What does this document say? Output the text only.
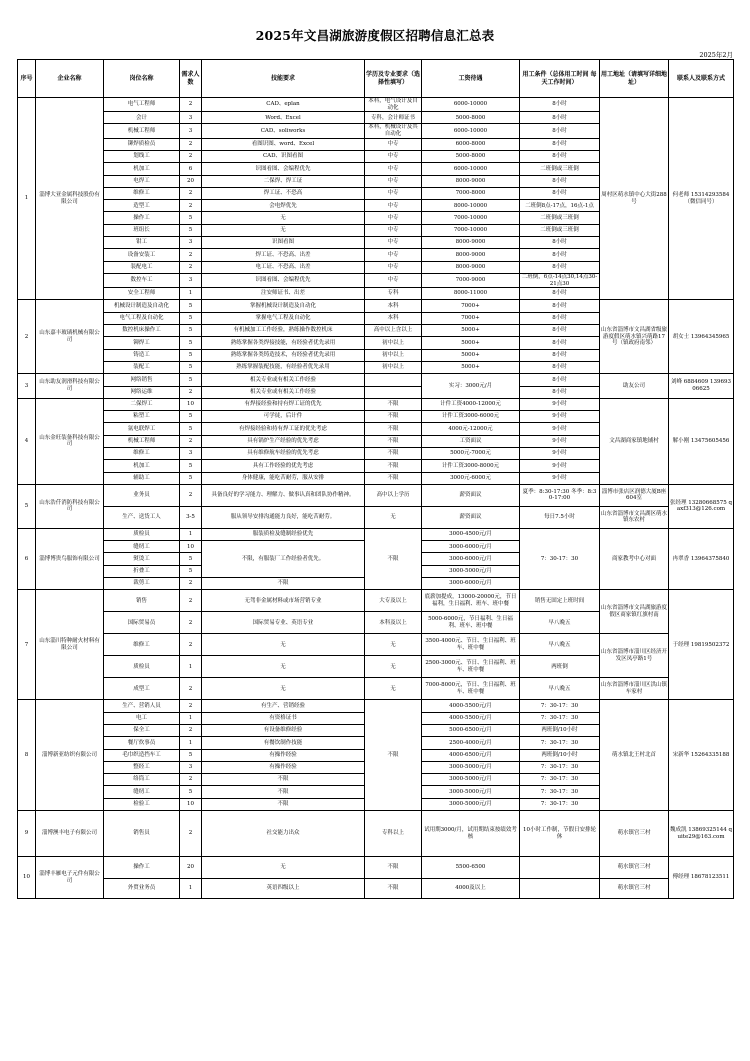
2025年文昌湖旅游度假区招聘信息汇总表
2025年2月
序号	企业名称	岗位名称	需求人数	技能要求	学历及专业要求（选择性填写）	工资待遇	用工条件（总体用工时间 每天工作时间）	用工地址（请填写详细地址）	联系人及联系方式
1	淄博大亚金属科技股份有限公司	电气工程师	2	CAD、eplan	本科，电气设计及自动化	6000-10000	8小时	周村区萌水镇中心大街288号	何老师 15314293584（微信同号）
		会计	3	Word、Excel	专科，会计师证书	5000-8000	8小时		
		机械工程师	3	CAD、soliworks	本科，机械设计及其自动化	6000-10000	8小时		
		铆焊质检员	2	看图识图、word、Excel	中专	6000-8000	8小时		
		划线工	2	CAD、识图看图	中专	5000-8000	8小时		
		机加工	6	识图看图、会编程优先	中专	6000-10000	二班倒或三班倒		
		电焊工	20	二保焊、焊工证	中专	8000-9000	8小时		
		维修工	2	焊工证、不恐高	中专	7000-8000	8小时		
		造型工	2	会电焊优先	中专	8000-10000	二班倒8点-17点，16点-1点		
		操作工	5	无	中专	7000-10000	二班倒或三班倒		
		班组长	5	无	中专	7000-10000	二班倒或三班倒		
		钳工	3	识图看图	中专	8000-9000	8小时		
		设备安装工	2	焊工证、不恐高、出差	中专	8000-9000	8小时		
		装配电工	2	电工证、不恐高、出差	中专	8000-9000	8小时		
		数控车工	3	识图看图、会编程优先	中专	7000-9000	二班倒，6点-14点30,14点30-21点30		
		安全工程师	1	注安师证书、出差	专科	8000-11000	8小时		
2	山东嘉丰玻璃机械有限公司	机械设计制造及自动化	5	掌握机械设计制造及自动化	本科	7000+	8小时	山东省淄博市文昌湖省级旅游度假区萌水镇兴萌路17号（镇政府南邻）	胡女士 13964345965
		电气工程及自动化	5	掌握电气工程及自动化	本科	7000+	8小时		
		数控机床操作工	5	有机械加工工作经验，熟练操作数控机床	高中以上含以上	5000+	8小时		
		铆焊工	5	熟练掌握各类焊接技能，有经验者优先录用	初中以上	5000+	8小时		
		铸造工	5	熟练掌握各类铸造技术，有经验者优先录用	初中以上	5000+	8小时		
		装配工	5	熟练掌握装配技能，有经验者优先录用	初中以上	5000+	8小时		
3	山东助友润滑科技有限公司	网络销售	5	相关专业或有相关工作经验		实习：3000元/月	8小时	助友公司	刘峰 6884609 13969306625
		网络运维	2	相关专业或有相关工作经验			8小时		
4	山东金旺装备科技有限公司	二保焊工	10	有焊接经验和持有焊工证的优先	不限	计件工资4000-12000元	9小时	文昌湖商家镇地铺村	解小刚 13475605456
		粘塑工	5	可学徒，后计件	不限	计件工资3000-6000元	9小时		
		氩电联焊工	5	有焊接经验和持有焊工证的优先考虑	不限	4000元-12000元	9小时		
		机械工程师	2	具有锅炉生产经验的优先考虑	不限	工资面议	9小时		
		维修工	3	具有维修航车经验的优先考虑	不限	5000元-7000元	9小时		
		机加工	5	具有工作经验的优先考虑	不限	计件工资3000-8000元	9小时		
		辅助工	5	身体健康，能吃苦耐劳，服从安排	不限	3000元-6000元	9小时		
5	山东浩仟消防科技有限公司	业务员	2	具备良好的学习能力、理解力、做事认真和团队协作精神。	高中以上学历	薪资面议	夏季：8:30-17:30 冬季：8:30-17:00	淄博市张店区润德大厦B座604室	张经理 13280668575 qaxf313@126.com
		生产、送货工人	3-5	服从领导安排沟通能力良好，能吃苦耐劳。	无	薪资面议	每日7.5小时	山东省淄博市文昌湖区萌水镇东农村	
6	淄博博贵鸟服饰有限公司	质检员	1	服装质检及缝制经验优先	不限	3000-4500元/月	7：30-17：30	商家教考中心对面	冉翠香 13964375840
		缝纫工	10	不限，有服装厂工作经验者优先。		3000-6000元/月			
		熨烫工	5			3000-6000元/月			
		折叠工	5			3000-5000元/月			
		裁剪工	2	不限		3000-6000元/月			
7	山东淄川特种耐火材料有限公司	销售	2	无驾非金属材料或市场营销专业	大专及以上	底薪加提成，13000-20000元，节日福利，生日福利、班车、班中餐	销售无固定上班时间	山东省淄博市文昌湖旅游度假区商家镇红旗村南	于经理 19819502372
		国际贸易员	2	国际贸易专业、英语专业	本科及以上	5000-6000元，节日福利、生日福利、班车、班中餐	早八晚五		
		维修工	2	无	无	3500-4000元、节日、生日福利、班车、班中餐	早八晚五	山东省淄博市淄川区经济开发区凤亭路1号	
		质检员	1	无	无	2500-3000元、节日、生日福利、班车、班中餐	两班倒		
		成型工	2	无	无	7000-8000元，节日、生日福利、班车、班中餐	早八晚五	山东省淄博市淄川区洪山镇车家村	
8	淄博新亚纺织有限公司	生产、营销人员	2	有生产、营销经验	不限	4000-5500元/月	7：30-17：30	萌水镇北王村北首	宋新华 15264335188
		电工	1	有资格证书		4000-5500元/月	7：30-17：30		
		保全工	2	有设备维修经验		5000-6500元/月	两班倒/10小时		
		餐厅炊事员	1	有餐饮制作技能		2500-4000元/月	7：30-17：30		
		毛巾织造挡车工	5	有操作经验		4000-6500元/月	两班倒/10小时		
		整经工	3	有操作经验		3000-5000元/月	7：30-17：30		
		络筒工	2	不限		3000-5000元/月	7：30-17：30		
		缝纫工	5	不限		3000-5000元/月	7：30-17：30		
		检验工	10	不限		3000-5000元/月	7：30-17：30		
9	淄博澳丰电子有限公司	销售员	2	社交能力出众	专科以上	试用期3000/月，试用期结束按绩效考核	10小时工作制，节假日安排轮休	萌水镇官三村	魏成凯 13869325144 quite29@163.com
10	淄博丰雁电子元件有限公司	操作工	20	无	不限	5500-6500		萌水镇官三村	傅经理 18678123511
		外贸业务员	1	英语四级以上	不限	4000及以上		萌水镇官三村	
